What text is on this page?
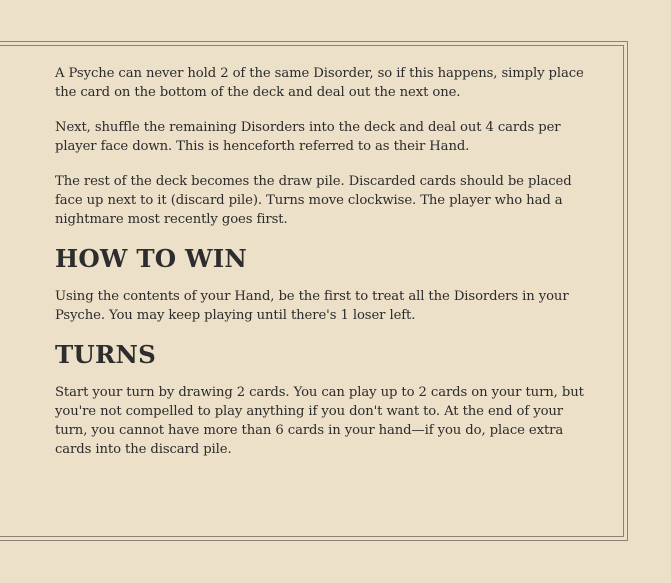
A Psyche can never hold 2 of the same Disorder, so if this happens, simply place the card on the bottom of the deck and deal out the next one.

Next, shuffle the remaining Disorders into the deck and deal out 4 cards per player face down. This is henceforth referred to as their Hand.

The rest of the deck becomes the draw pile. Discarded cards should be placed face up next to it (discard pile). Turns move clockwise. The player who had a nightmare most recently goes first.

HOW TO WIN

Using the contents of your Hand, be the first to treat all the Disorders in your Psyche. You may keep playing until there's 1 loser left.

TURNS

Start your turn by drawing 2 cards. You can play up to 2 cards on your turn, but you're not compelled to play anything if you don't want to. At the end of your turn, you cannot have more than 6 cards in your hand—if you do, place extra cards into the discard pile.
